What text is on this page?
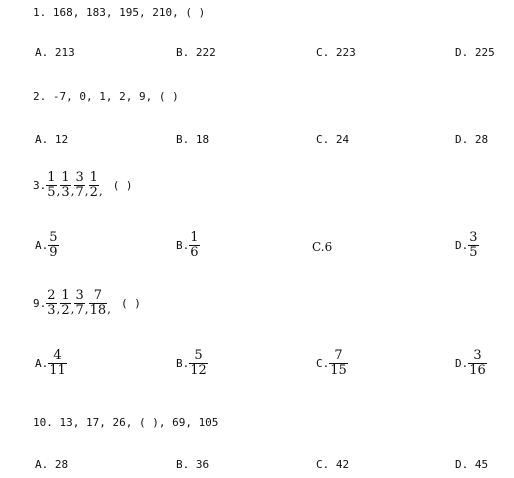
1. 168, 183, 195, 210, ( )
A. 213	B. 222	C. 223	D. 225
2. -7, 0, 1, 2, 9, ( )
A. 12	B. 18	C. 24	D. 28
3. $\frac{1}{5}$ , $\frac{1}{3}$ , $\frac{3}{7}$ , $\frac{1}{2}$ , ( )
A. $\frac{5}{9}$	B. $\frac{1}{6}$	C.6	D. $\frac{3}{5}$
9. $\frac{2}{3}$ , $\frac{1}{2}$ , $\frac{3}{7}$ , $\frac{7}{18}$ , ( )
A. $\frac{4}{11}$	B. $\frac{5}{12}$	C. $\frac{7}{15}$	D. $\frac{3}{16}$
10. 13, 17, 26, ( ), 69, 105
A. 28	B. 36	C. 42	D. 45
